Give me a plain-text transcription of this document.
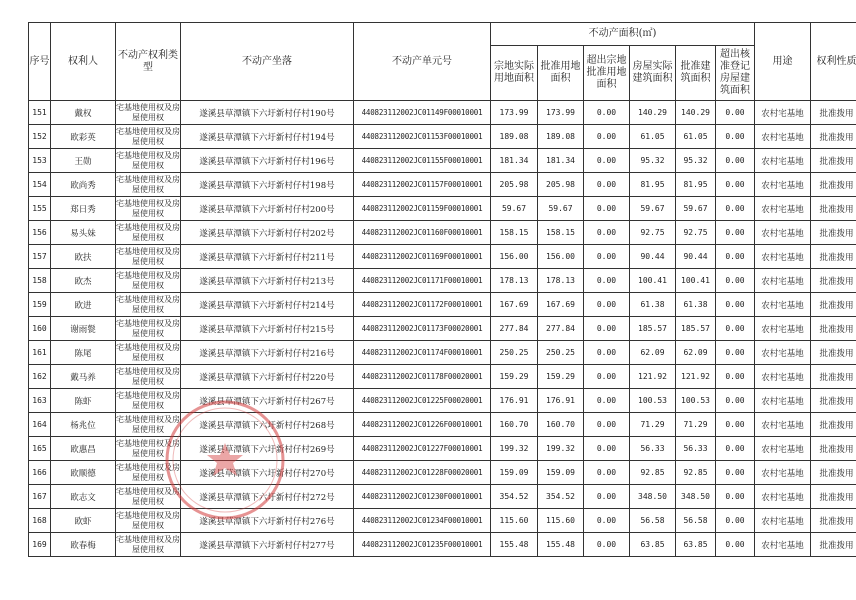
序号	权利人	不动产权利类型	不动产坐落	不动产单元号	不动产面积(㎡)						用途	权利性质
					宗地实际用地面积	批准用地面积	超出宗地批准用地面积	房屋实际建筑面积	批准建筑面积	超出核准登记房屋建筑面积		
151	戴权	宅基地使用权及房屋使用权	遂溪县草潭镇下六圩新村仔村190号	440823112002JC01149F00010001	173.99	173.99	0.00	140.29	140.29	0.00	农村宅基地	批准拨用
152	欧彩英	宅基地使用权及房屋使用权	遂溪县草潭镇下六圩新村仔村194号	440823112002JC01153F00010001	189.08	189.08	0.00	61.05	61.05	0.00	农村宅基地	批准拨用
153	王勋	宅基地使用权及房屋使用权	遂溪县草潭镇下六圩新村仔村196号	440823112002JC01155F00010001	181.34	181.34	0.00	95.32	95.32	0.00	农村宅基地	批准拨用
154	欧尚秀	宅基地使用权及房屋使用权	遂溪县草潭镇下六圩新村仔村198号	440823112002JC01157F00010001	205.98	205.98	0.00	81.95	81.95	0.00	农村宅基地	批准拨用
155	郑日秀	宅基地使用权及房屋使用权	遂溪县草潭镇下六圩新村仔村200号	440823112002JC01159F00010001	59.67	59.67	0.00	59.67	59.67	0.00	农村宅基地	批准拨用
156	易头妹	宅基地使用权及房屋使用权	遂溪县草潭镇下六圩新村仔村202号	440823112002JC01160F00010001	158.15	158.15	0.00	92.75	92.75	0.00	农村宅基地	批准拨用
157	欧扶	宅基地使用权及房屋使用权	遂溪县草潭镇下六圩新村仔村211号	440823112002JC01169F00010001	156.00	156.00	0.00	90.44	90.44	0.00	农村宅基地	批准拨用
158	欧杰	宅基地使用权及房屋使用权	遂溪县草潭镇下六圩新村仔村213号	440823112002JC01171F00010001	178.13	178.13	0.00	100.41	100.41	0.00	农村宅基地	批准拨用
159	欧进	宅基地使用权及房屋使用权	遂溪县草潭镇下六圩新村仔村214号	440823112002JC01172F00010001	167.69	167.69	0.00	61.38	61.38	0.00	农村宅基地	批准拨用
160	谢雨甏	宅基地使用权及房屋使用权	遂溪县草潭镇下六圩新村仔村215号	440823112002JC01173F00020001	277.84	277.84	0.00	185.57	185.57	0.00	农村宅基地	批准拨用
161	陈尾	宅基地使用权及房屋使用权	遂溪县草潭镇下六圩新村仔村216号	440823112002JC01174F00010001	250.25	250.25	0.00	62.09	62.09	0.00	农村宅基地	批准拨用
162	戴马养	宅基地使用权及房屋使用权	遂溪县草潭镇下六圩新村仔村220号	440823112002JC01178F00020001	159.29	159.29	0.00	121.92	121.92	0.00	农村宅基地	批准拨用
163	陈虾	宅基地使用权及房屋使用权	遂溪县草潭镇下六圩新村仔村267号	440823112002JC01225F00020001	176.91	176.91	0.00	100.53	100.53	0.00	农村宅基地	批准拨用
164	杨兆位	宅基地使用权及房屋使用权	遂溪县草潭镇下六圩新村仔村268号	440823112002JC01226F00010001	160.70	160.70	0.00	71.29	71.29	0.00	农村宅基地	批准拨用
165	欧惠昌	宅基地使用权及房屋使用权	遂溪县草潭镇下六圩新村仔村269号	440823112002JC01227F00010001	199.32	199.32	0.00	56.33	56.33	0.00	农村宅基地	批准拨用
166	欧顺德	宅基地使用权及房屋使用权	遂溪县草潭镇下六圩新村仔村270号	440823112002JC01228F00020001	159.09	159.09	0.00	92.85	92.85	0.00	农村宅基地	批准拨用
167	欧志文	宅基地使用权及房屋使用权	遂溪县草潭镇下六圩新村仔村272号	440823112002JC01230F00010001	354.52	354.52	0.00	348.50	348.50	0.00	农村宅基地	批准拨用
168	欧虾	宅基地使用权及房屋使用权	遂溪县草潭镇下六圩新村仔村276号	440823112002JC01234F00010001	115.60	115.60	0.00	56.58	56.58	0.00	农村宅基地	批准拨用
169	欧春梅	宅基地使用权及房屋使用权	遂溪县草潭镇下六圩新村仔村277号	440823112002JC01235F00010001	155.48	155.48	0.00	63.85	63.85	0.00	农村宅基地	批准拨用
